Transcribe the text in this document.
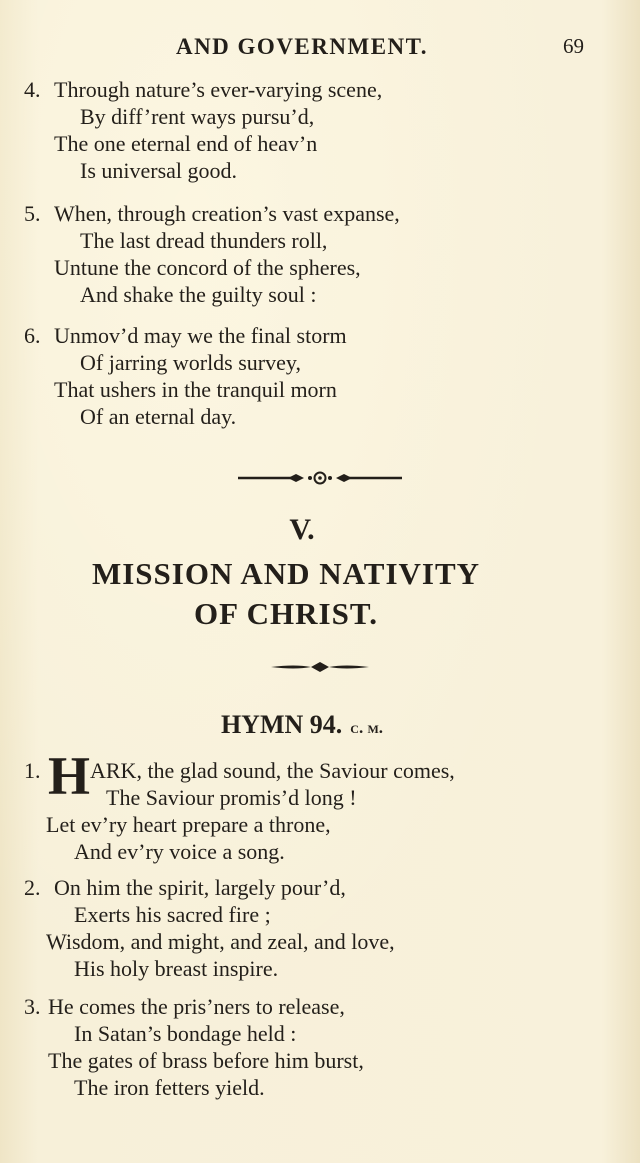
AND GOVERNMENT.	69
4. Through nature’s ever-varying scene,
By diff’rent ways pursu’d,
The one eternal end of heav’n
Is universal good.
5. When, through creation’s vast expanse,
The last dread thunders roll,
Untune the concord of the spheres,
And shake the guilty soul :
6. Unmov’d may we the final storm
Of jarring worlds survey,
That ushers in the tranquil morn
Of an eternal day.
V.
MISSION AND NATIVITY
OF CHRIST.
HYMN 94. c. m.
H
1. ARK, the glad sound, the Saviour comes,
The Saviour promis’d long !
Let ev’ry heart prepare a throne,
And ev’ry voice a song.
2. On him the spirit, largely pour’d,
Exerts his sacred fire ;
Wisdom, and might, and zeal, and love,
His holy breast inspire.
3. He comes the pris’ners to release,
In Satan’s bondage held :
The gates of brass before him burst,
The iron fetters yield.
